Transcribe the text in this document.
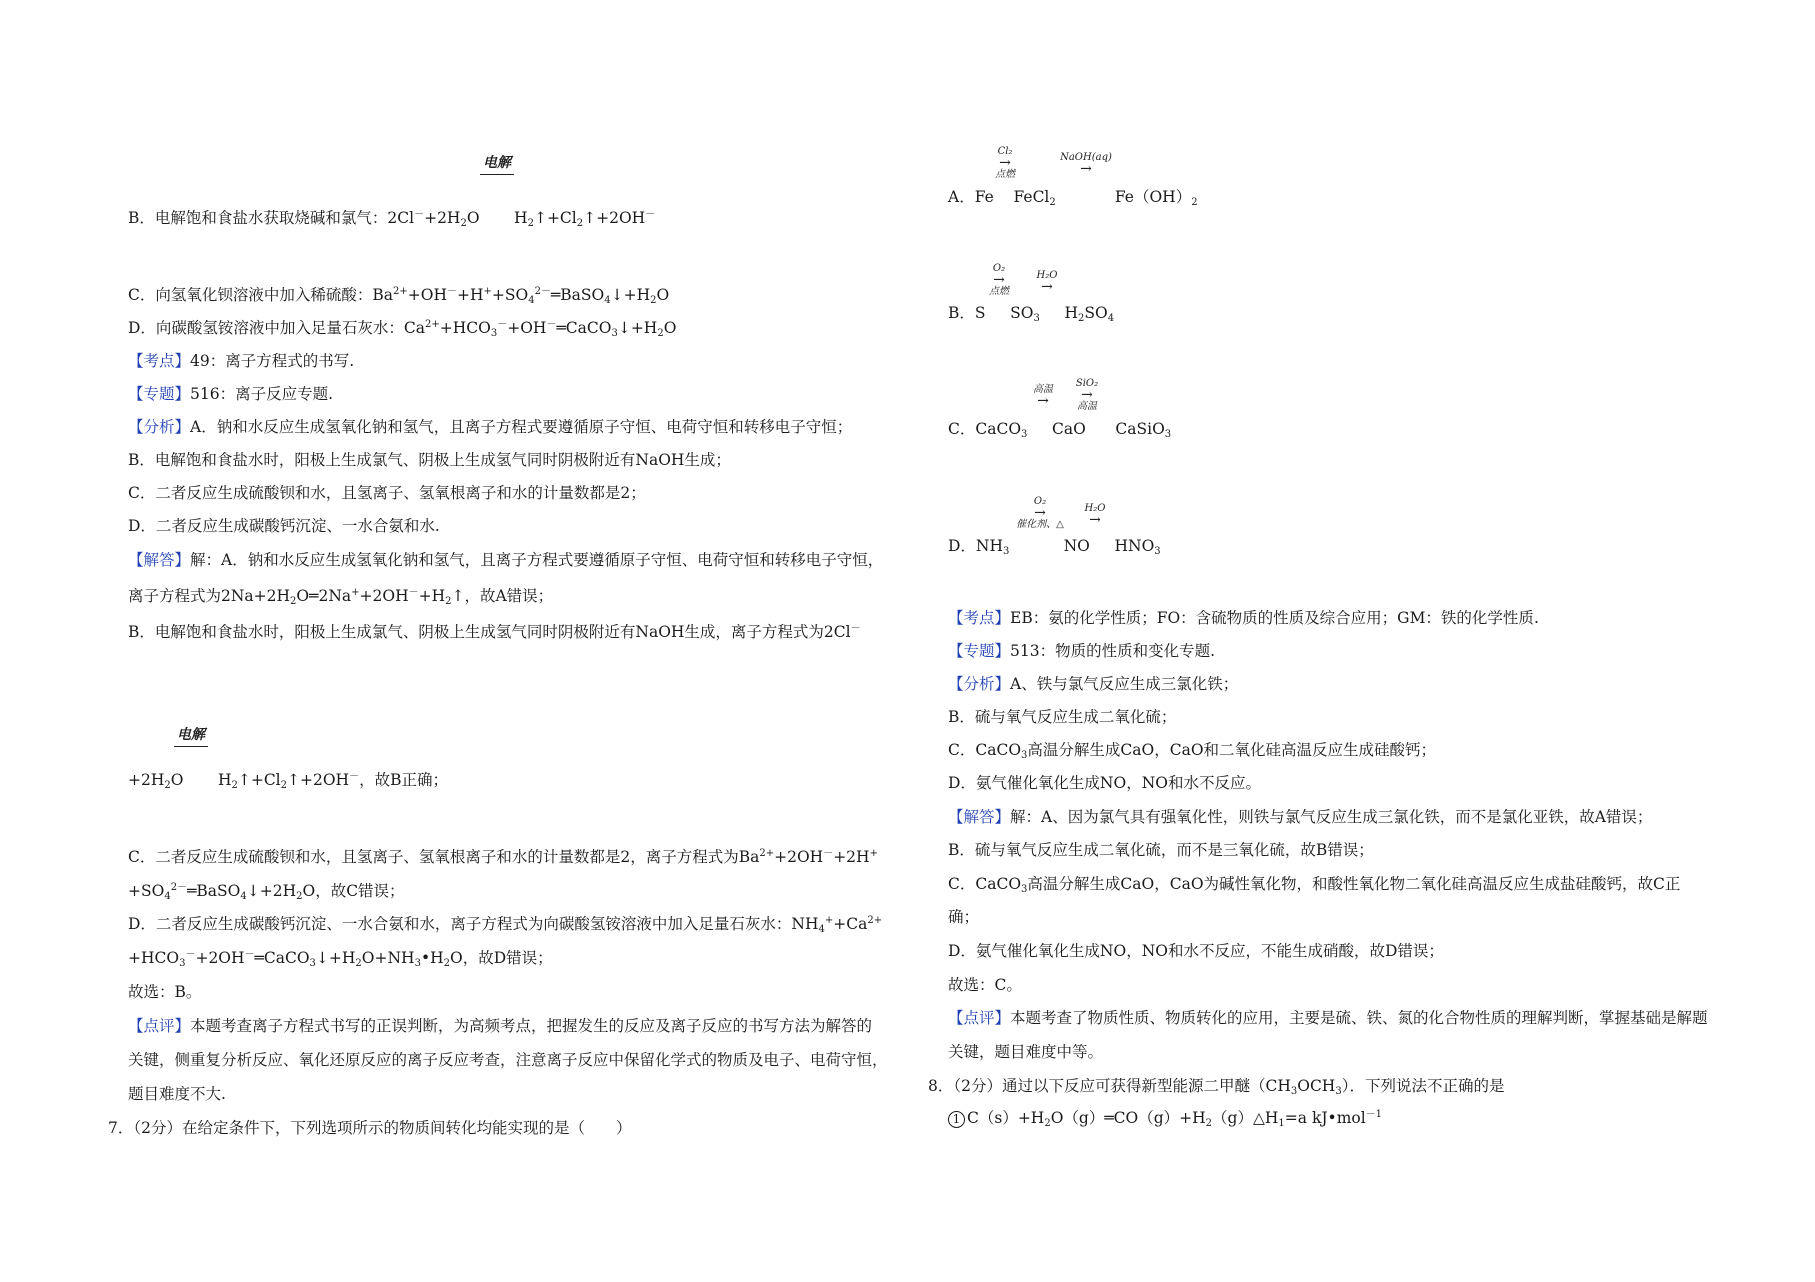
电解
B．电解饱和食盐水获取烧碱和氯气：$2Cl^-+2H_2O$ $H_2↑+Cl_2↑+2OH^-$
C．向氢氧化钡溶液中加入稀硫酸：$Ba^{2+}+OH^-+H^++SO_4^{2-}═BaSO_4↓+H_2O$
D．向碳酸氢铵溶液中加入足量石灰水：$Ca^{2+}+HCO_3^-+OH^-═CaCO_3↓+H_2O$
【考点】49：离子方程式的书写.
【专题】516：离子反应专题.
【分析】A．钠和水反应生成氢氧化钠和氢气，且离子方程式要遵循原子守恒、电荷守恒和转移电子守恒；
B．电解饱和食盐水时，阳极上生成氯气、阴极上生成氢气同时阴极附近有NaOH生成；
C．二者反应生成硫酸钡和水，且氢离子、氢氧根离子和水的计量数都是2；
D．二者反应生成碳酸钙沉淀、一水合氨和水.
【解答】解：A．钠和水反应生成氢氧化钠和氢气，且离子方程式要遵循原子守恒、电荷守恒和转移电子守恒，
离子方程式为$2Na+2H_2O═2Na^++2OH^-+H_2↑$，故A错误；
B．电解饱和食盐水时，阳极上生成氯气、阴极上生成氢气同时阴极附近有NaOH生成，离子方程式为2Cl－
电解
$+2H_2O$       $H_2↑+Cl_2↑+2OH^-$，故B正确；
C．二者反应生成硫酸钡和水，且氢离子、氢氧根离子和水的计量数都是2，离子方程式为$Ba^{2+}+2OH^-+2H^+$
$+SO_4^{2-}═BaSO_4↓+2H_2O$，故C错误；
D．二者反应生成碳酸钙沉淀、一水合氨和水，离子方程式为向碳酸氢铵溶液中加入足量石灰水：$NH_4^++Ca^{2+}$
$+HCO_3^-+2OH^-═CaCO_3↓+H_2O+NH_3•H_2O$，故D错误；
故选：B。
【点评】本题考查离子方程式书写的正误判断，为高频考点，把握发生的反应及离子反应的书写方法为解答的
关键，侧重复分析反应、氧化还原反应的离子反应考查，注意离子反应中保留化学式的物质及电子、电荷守恒，
题目难度不大.
7．（2分）在给定条件下，下列选项所示的物质间转化均能实现的是（　　）
Cl₂
→
点燃
NaOH(aq)
→
A．Fe    FeCl$_2$            $Fe(OH)_2$
O₂
→
点燃
H₂O
→
B．S     $SO_3$     $H_2SO_4$
高温
→
SiO₂
→
高温
C．CaCO$_3$     CaO      CaSiO$_3$
O₂
→
催化剂、△
H₂O
→
D．$NH_3$           NO     $HNO_3$
【考点】EB：氨的化学性质；FO：含硫物质的性质及综合应用；GM：铁的化学性质.
【专题】513：物质的性质和变化专题.
【分析】A、铁与氯气反应生成三氯化铁；
B．硫与氧气反应生成二氧化硫；
C．CaCO$_3$高温分解生成CaO，CaO和二氧化硅高温反应生成硅酸钙；
D．氨气催化氧化生成NO，NO和水不反应。
【解答】解：A、因为氯气具有强氧化性，则铁与氯气反应生成三氯化铁，而不是氯化亚铁，故A错误；
B．硫与氧气反应生成二氧化硫，而不是三氧化硫，故B错误；
C．CaCO$_3$高温分解生成CaO，CaO为碱性氧化物，和酸性氧化物二氧化硅高温反应生成盐硅酸钙，故C正
确；
D．氨气催化氧化生成NO，NO和水不反应，不能生成硝酸，故D错误；
故选：C。
【点评】本题考查了物质性质、物质转化的应用，主要是硫、铁、氮的化合物性质的理解判断，掌握基础是解题
关键，题目难度中等。
8．（2分）通过以下反应可获得新型能源二甲醚$(CH_3OCH_3)$．下列说法不正确的是
1 $C(s)+H_2O(g)═CO(g)+H_2(g)\triangle H_1=a$ kJ•mol$^{-1}$
